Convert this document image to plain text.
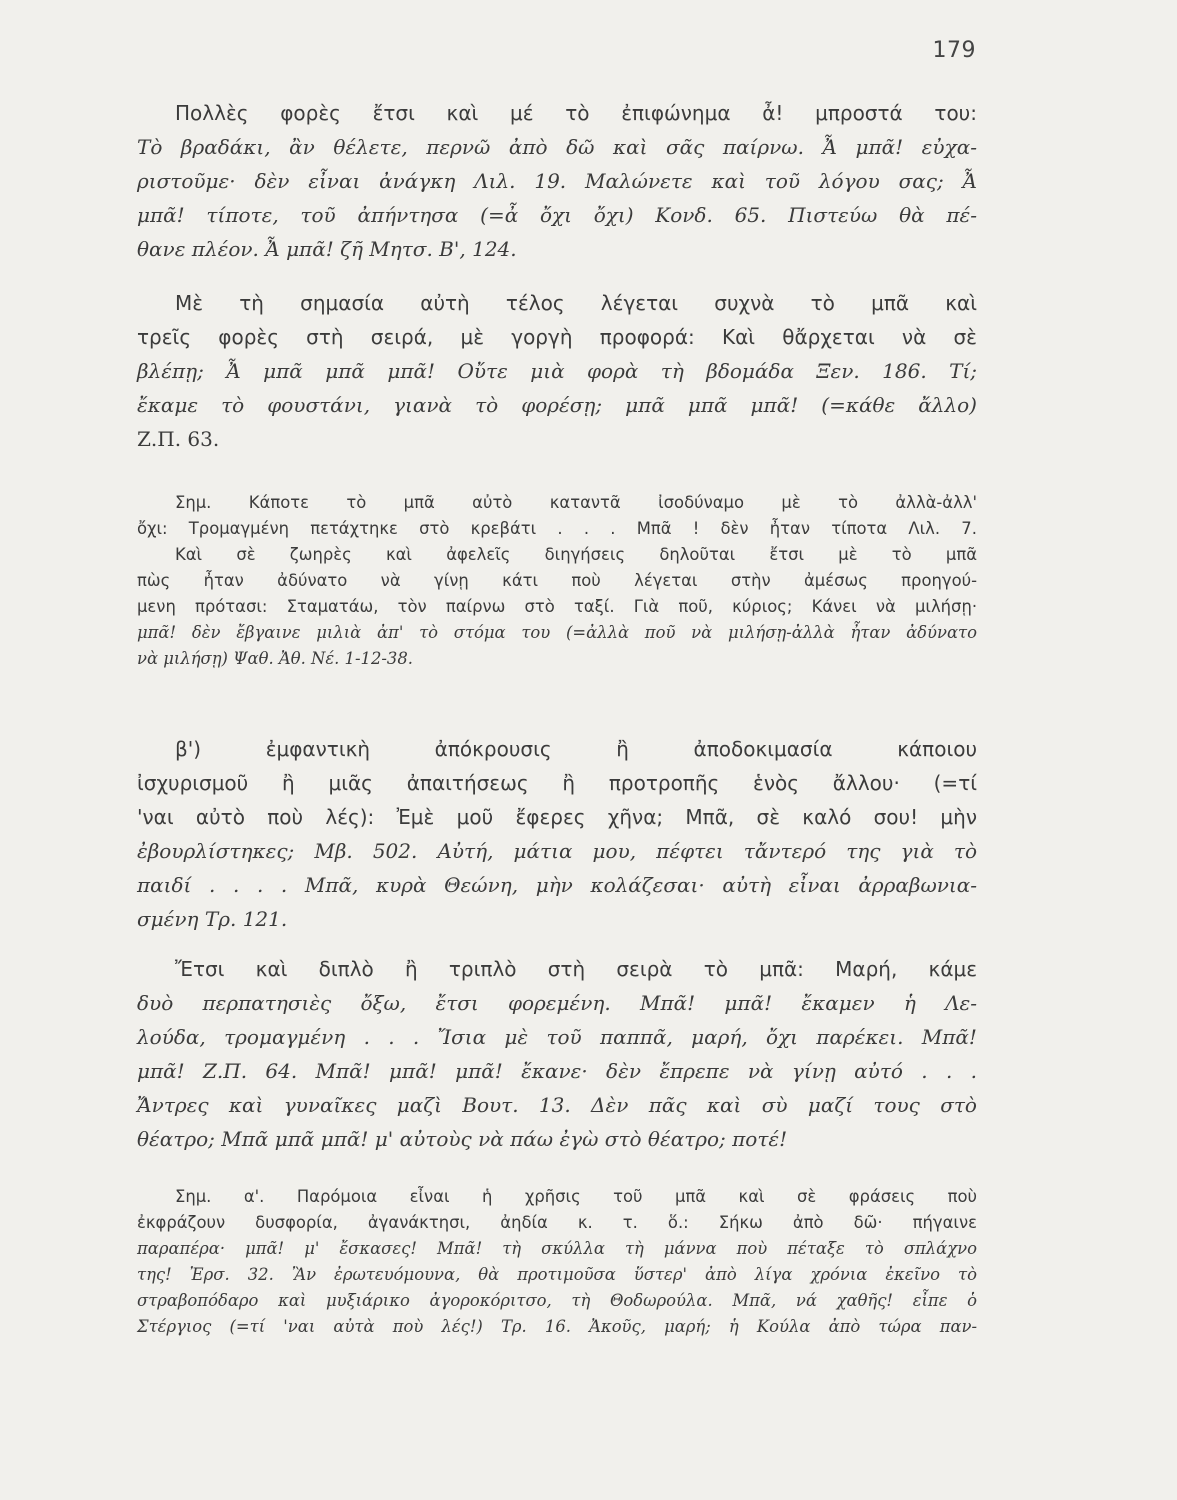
179
Πολλὲς φορὲς ἔτσι καὶ μέ τὸ ἐπιφώνημα ἆ! μπροστά του:
Τὸ βραδάκι, ἂν θέλετε, περνῶ ἀπὸ δῶ καὶ σᾶς παίρνω. Ἆ μπᾶ! εὐχα-
ριστοῦμε· δὲν εἶναι ἀνάγκη Λιλ. 19. Μαλώνετε καὶ τοῦ λόγου σας; Ἆ
μπᾶ! τίποτε, τοῦ ἀπήντησα (=ἆ ὄχι ὄχι) Κονδ. 65. Πιστεύω θὰ πέ-
θανε πλέον. Ἆ μπᾶ! ζῆ Μητσ. Β', 124.
Μὲ τὴ σημασία αὐτὴ τέλος λέγεται συχνὰ τὸ μπᾶ καὶ
τρεῖς φορὲς στὴ σειρά, μὲ γοργὴ προφορά: Καὶ θἄρχεται νὰ σὲ
βλέπῃ; Ἆ μπᾶ μπᾶ μπᾶ! Οὔτε μιὰ φορὰ τὴ βδομάδα Ξεν. 186. Τί;
ἔκαμε τὸ φουστάνι, γιανὰ τὸ φορέσῃ; μπᾶ μπᾶ μπᾶ! (=κάθε ἄλλο)
Ζ.Π. 63.
Σημ. Κάποτε τὸ μπᾶ αὐτὸ καταντᾶ ἰσοδύναμο μὲ τὸ ἀλλὰ-ἀλλ'
ὄχι: Τρομαγμένη πετάχτηκε στὸ κρεβάτι . . . Μπᾶ ! δὲν ἦταν τίποτα Λιλ. 7.
Καὶ σὲ ζωηρὲς καὶ ἀφελεῖς διηγήσεις δηλοῦται ἔτσι μὲ τὸ μπᾶ
πὼς ἦταν ἀδύνατο νὰ γίνῃ κάτι ποὺ λέγεται στὴν ἀμέσως προηγού-
μενη πρότασι: Σταματάω, τὸν παίρνω στὸ ταξί. Γιὰ ποῦ, κύριος; Κάνει νὰ μιλήσῃ·
μπᾶ! δὲν ἔβγαινε μιλιὰ ἀπ' τὸ στόμα του (=ἀλλὰ ποῦ νὰ μιλήσῃ-ἀλλὰ ἦταν ἀδύνατο
νὰ μιλήσῃ) Ψαθ. Ἀθ. Νέ. 1-12-38.
β') ἐμφαντικὴ ἀπόκρουσις ἢ ἀποδοκιμασία κάποιου
ἰσχυρισμοῦ ἢ μιᾶς ἀπαιτήσεως ἢ προτροπῆς ἑνὸς ἄλλου· (=τί
'ναι αὐτὸ ποὺ λές): Ἐμὲ μοῦ ἔφερες χῆνα; Μπᾶ, σὲ καλό σου! μὴν
ἐβουρλίστηκες; Μβ. 502. Αὐτή, μάτια μου, πέφτει τἄντερό της γιὰ τὸ
παιδί . . . . Μπᾶ, κυρὰ Θεώνη, μὴν κολάζεσαι· αὐτὴ εἶναι ἀρραβωνια-
σμένη Τρ. 121.
Ἔτσι καὶ διπλὸ ἢ τριπλὸ στὴ σειρὰ τὸ μπᾶ: Μαρή, κάμε
δυὸ περπατησιὲς ὄξω, ἔτσι φορεμένη. Μπᾶ! μπᾶ! ἔκαμεν ἡ Λε-
λούδα, τρομαγμένη . . . Ἴσια μὲ τοῦ παππᾶ, μαρή, ὄχι παρέκει. Μπᾶ!
μπᾶ! Ζ.Π. 64. Μπᾶ! μπᾶ! μπᾶ! ἔκανε· δὲν ἔπρεπε νὰ γίνῃ αὐτό . . .
Ἄντρες καὶ γυναῖκες μαζὶ Βουτ. 13. Δὲν πᾶς καὶ σὺ μαζί τους στὸ
θέατρο; Μπᾶ μπᾶ μπᾶ! μ' αὐτοὺς νὰ πάω ἐγὼ στὸ θέατρο; ποτέ!
Σημ. α'. Παρόμοια εἶναι ἡ χρῆσις τοῦ μπᾶ καὶ σὲ φράσεις ποὺ
ἐκφράζουν δυσφορία, ἀγανάκτησι, ἀηδία κ. τ. ὅ.: Σήκω ἀπὸ δῶ· πήγαινε
παραπέρα· μπᾶ! μ' ἔσκασες! Μπᾶ! τὴ σκύλλα τὴ μάννα ποὺ πέταξε τὸ σπλάχνο
της! Ἐρσ. 32. Ἂν ἐρωτευόμουνα, θὰ προτιμοῦσα ὕστερ' ἀπὸ λίγα χρόνια ἐκεῖνο τὸ
στραβοπόδαρο καὶ μυξιάρικο ἀγοροκόριτσο, τὴ Θοδωρούλα. Μπᾶ, νά χαθῆς! εἶπε ὁ
Στέργιος (=τί 'ναι αὐτὰ ποὺ λές!) Τρ. 16. Ἀκοῦς, μαρή; ἡ Κούλα ἀπὸ τώρα παν-
